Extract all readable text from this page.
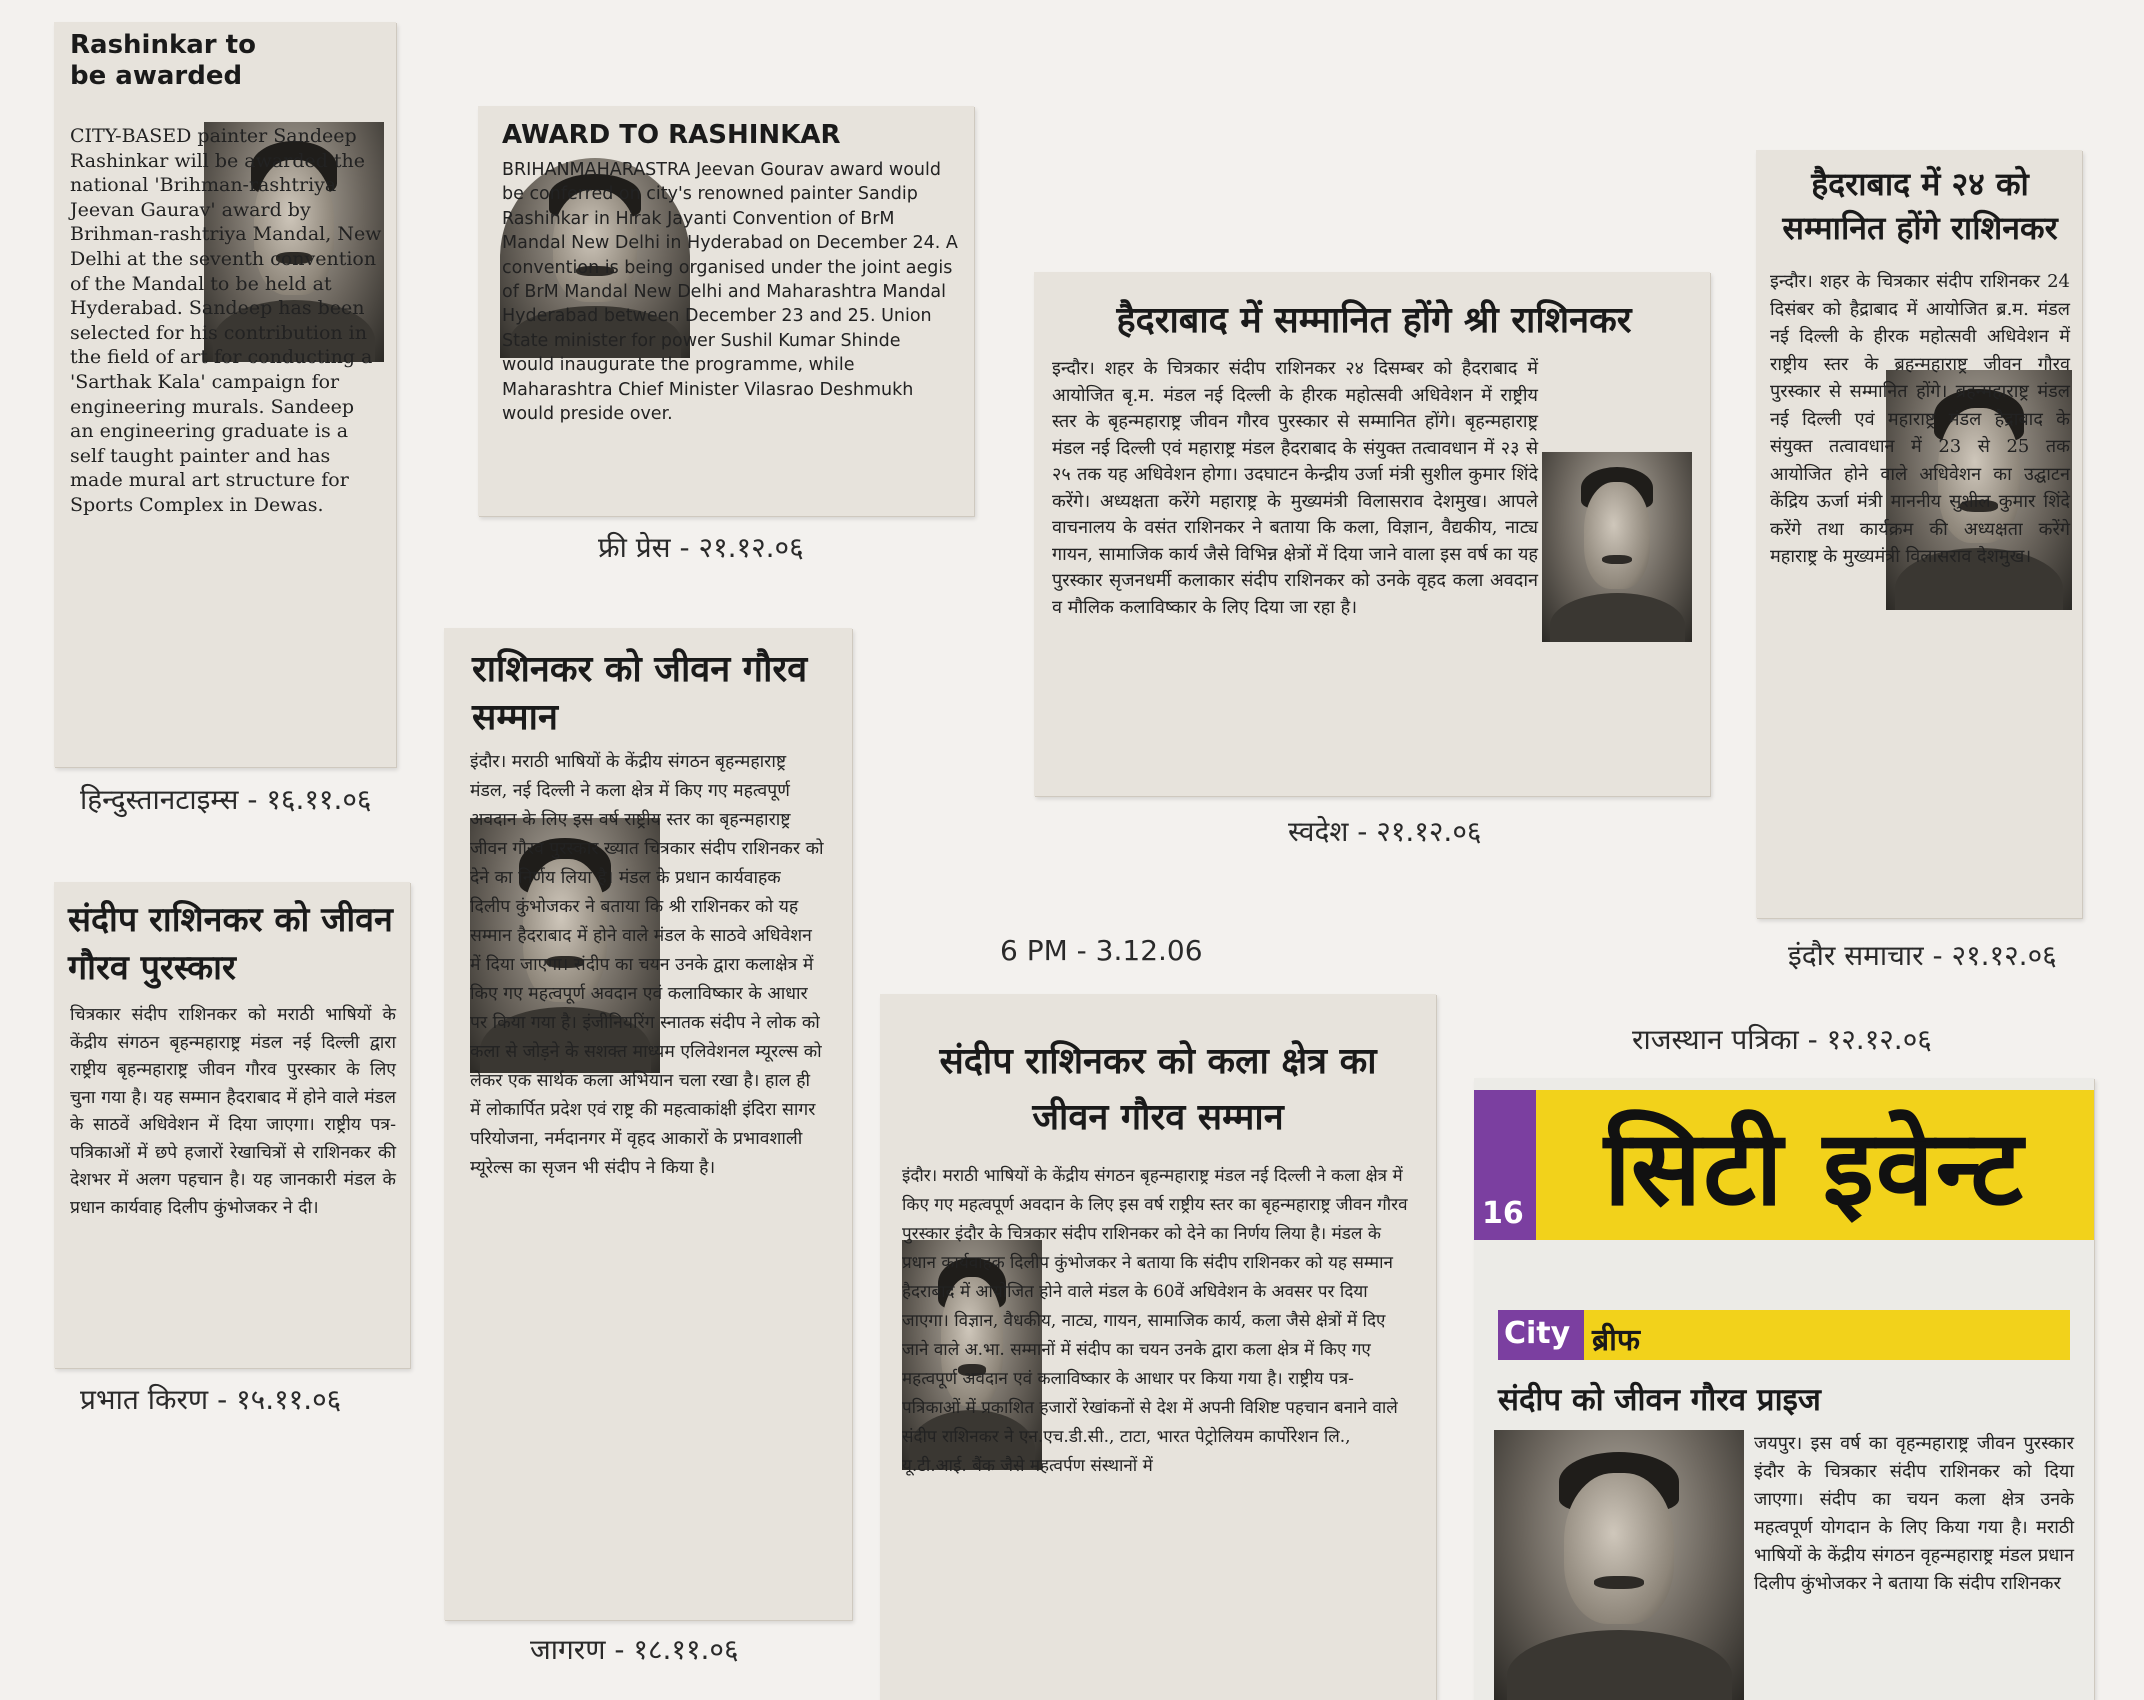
Rashinkar to be awarded
CITY-BASED painter Sandeep Rashinkar will be awarded the national 'Brihman-rashtriya Jeevan Gaurav' award by Brihman-rashtriya Mandal, New Delhi at the seventh convention of the Mandal to be held at Hyderabad. Sandeep has been selected for his contribution in the field of art for conducting a 'Sarthak Kala' campaign for engineering murals. Sandeep an engineering graduate is a self taught painter and has made mural art structure for Sports Complex in Dewas.
हिन्दुस्तानटाइम्स - १६.११.०६
AWARD TO RASHINKAR
BRIHANMAHARASTRA Jeevan Gourav award would be conferred on city's renowned painter Sandip Rashinkar in Hirak Jayanti Convention of BrM Mandal New Delhi in Hyderabad on December 24. A convention is being organised under the joint aegis of BrM Mandal New Delhi and Maharashtra Mandal Hyderabad between December 23 and 25. Union State minister for power Sushil Kumar Shinde would inaugurate the programme, while Maharashtra Chief Minister Vilasrao Deshmukh would preside over.
फ्री प्रेस - २१.१२.०६
हैदराबाद में सम्मानित होंगे श्री राशिनकर
इन्दौर। शहर के चित्रकार संदीप राशिनकर २४ दिसम्बर को हैदराबाद में आयोजित बृ.म. मंडल नई दिल्ली के हीरक महोत्सवी अधिवेशन में राष्ट्रीय स्तर के बृहन्महाराष्ट्र जीवन गौरव पुरस्कार से सम्मानित होंगे। बृहन्महाराष्ट्र मंडल नई दिल्ली एवं महाराष्ट्र मंडल हैदराबाद के संयुक्त तत्वावधान में २३ से २५ तक यह अधिवेशन होगा। उदघाटन केन्द्रीय उर्जा मंत्री सुशील कुमार शिंदे करेंगे। अध्यक्षता करेंगे महाराष्ट्र के मुख्यमंत्री विलासराव देशमुख। आपले वाचनालय के वसंत राशिनकर ने बताया कि कला, विज्ञान, वैद्यकीय, नाट्य गायन, सामाजिक कार्य जैसे विभिन्न क्षेत्रों में दिया जाने वाला इस वर्ष का यह पुरस्कार सृजनधर्मी कलाकार संदीप राशिनकर को उनके वृहद कला अवदान व मौलिक कलाविष्कार के लिए दिया जा रहा है।
स्वदेश - २१.१२.०६
हैदराबाद में २४ को सम्मानित होंगे राशिनकर
इन्दौर। शहर के चित्रकार संदीप राशिनकर 24 दिसंबर को हैद्राबाद में आयोजित ब्र.म. मंडल नई दिल्ली के हीरक महोत्सवी अधिवेशन में राष्ट्रीय स्तर के ब्रहन्महाराष्ट्र जीवन गौरव पुरस्कार से सम्मानित होंगे। ब्रहन्महाराष्ट्र मंडल नई दिल्ली एवं महाराष्ट्र मंडल हैद्राबाद के संयुक्त तत्वावधान में 23 से 25 तक आयोजित होने वाले अधिवेशन का उद्घाटन केंद्रिय ऊर्जा मंत्री माननीय सुशील कुमार शिंदे करेंगे तथा कार्यक्रम की अध्यक्षता करेंगे महाराष्ट्र के मुख्यमंत्री विलासराव देशमुख।
इंदौर समाचार - २१.१२.०६
संदीप राशिनकर को जीवन गौरव पुरस्कार
चित्रकार संदीप राशिनकर को मराठी भाषियों के केंद्रीय संगठन बृहन्महाराष्ट्र मंडल नई दिल्ली द्वारा राष्ट्रीय बृहन्महाराष्ट्र जीवन गौरव पुरस्कार के लिए चुना गया है। यह सम्मान हैदराबाद में होने वाले मंडल के साठवें अधिवेशन में दिया जाएगा। राष्ट्रीय पत्र-पत्रिकाओं में छपे हजारों रेखाचित्रों से राशिनकर की देशभर में अलग पहचान है। यह जानकारी मंडल के प्रधान कार्यवाह दिलीप कुंभोजकर ने दी।
प्रभात किरण - १५.११.०६
राशिनकर को जीवन गौरव सम्मान
इंदौर। मराठी भाषियों के केंद्रीय संगठन बृहन्महाराष्ट्र मंडल, नई दिल्ली ने कला क्षेत्र में किए गए महत्वपूर्ण अवदान के लिए इस वर्ष राष्ट्रीय स्तर का बृहन्महाराष्ट्र जीवन गौरव पुरस्कार ख्यात चित्रकार संदीप राशिनकर को देने का निर्णय लिया है। मंडल के प्रधान कार्यवाहक दिलीप कुंभोजकर ने बताया कि श्री राशिनकर को यह सम्मान हैदराबाद में होने वाले मंडल के साठवे अधिवेशन में दिया जाएगा। संदीप का चयन उनके द्वारा कलाक्षेत्र में किए गए महत्वपूर्ण अवदान एवं कलाविष्कार के आधार पर किया गया है। इंजीनियरिंग स्नातक संदीप ने लोक को कला से जोड़ने के सशक्त माध्यम एलिवेशनल म्यूरल्स को लेकर एक सार्थक कला अभियान चला रखा है। हाल ही में लोकार्पित प्रदेश एवं राष्ट्र की महत्वाकांक्षी इंदिरा सागर परियोजना, नर्मदानगर में वृहद आकारों के प्रभावशाली म्यूरेल्स का सृजन भी संदीप ने किया है।
जागरण - १८.११.०६
6 PM - 3.12.06
संदीप राशिनकर को कला क्षेत्र का जीवन गौरव सम्मान
इंदौर। मराठी भाषियों के केंद्रीय संगठन बृहन्महाराष्ट्र मंडल नई दिल्ली ने कला क्षेत्र में किए गए महत्वपूर्ण अवदान के लिए इस वर्ष राष्ट्रीय स्तर का बृहन्महाराष्ट्र जीवन गौरव पुरस्कार इंदौर के चित्रकार संदीप राशिनकर को देने का निर्णय लिया है। मंडल के प्रधान कार्यवाहक दिलीप कुंभोजकर ने बताया कि संदीप राशिनकर को यह सम्मान हैदराबाद में आयोजित होने वाले मंडल के 60वें अधिवेशन के अवसर पर दिया जाएगा। विज्ञान, वैधकीय, नाट्य, गायन, सामाजिक कार्य, कला जैसे क्षेत्रों में दिए जाने वाले अ.भा. सम्मानों में संदीप का चयन उनके द्वारा कला क्षेत्र में किए गए महत्वपूर्ण अवदान एवं कलाविष्कार के आधार पर किया गया है। राष्ट्रीय पत्र-पत्रिकाओं में प्रकाशित हजारों रेखांकनों से देश में अपनी विशिष्ट पहचान बनाने वाले संदीप राशिनकर ने एन.एच.डी.सी., टाटा, भारत पेट्रोलियम कार्पोरेशन लि., यू.टी.आई. बैंक जैसे महत्वर्पण संस्थानों में
राजस्थान पत्रिका - १२.१२.०६
16 सिटी इवेन्ट
City ब्रीफ
संदीप को जीवन गौरव प्राइज
जयपुर। इस वर्ष का वृहन्महाराष्ट्र जीवन पुरस्कार इंदौर के चित्रकार संदीप राशिनकर को दिया जाएगा। संदीप का चयन कला क्षेत्र उनके महत्वपूर्ण योगदान के लिए किया गया है। मराठी भाषियों के केंद्रीय संगठन वृहन्महाराष्ट्र मंडल प्रधान दिलीप कुंभोजकर ने बताया कि संदीप राशिनकर
